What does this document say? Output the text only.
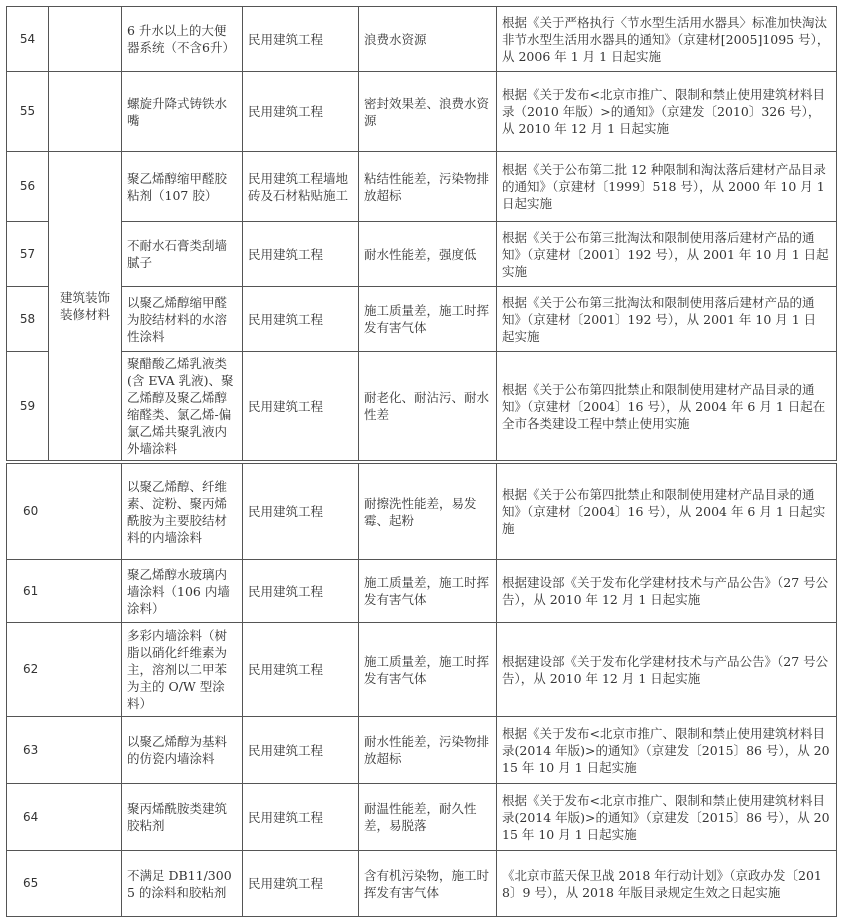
54		6 升水以上的大便器系统（不含6升）	民用建筑工程	浪费水资源	根据《关于严格执行〈节水型生活用水器具〉标准加快淘汰非节水型生活用水器具的通知》（京建材[2005]1095 号），从 2006 年 1 月 1 日起实施
55		螺旋升降式铸铁水嘴	民用建筑工程	密封效果差、浪费水资源	根据《关于发布<北京市推广、限制和禁止使用建筑材料目录（2010 年版）>的通知》（京建发〔2010〕326 号），从 2010 年 12 月 1 日起实施
56	建筑装饰装修材料	聚乙烯醇缩甲醛胶粘剂（107 胶）	民用建筑工程墙地砖及石材粘贴施工	粘结性能差，污染物排放超标	根据《关于公布第二批 12 种限制和淘汰落后建材产品目录的通知》（京建材〔1999〕518 号），从 2000 年 10 月 1 日起实施
57		不耐水石膏类刮墙腻子	民用建筑工程	耐水性能差，强度低	根据《关于公布第三批淘汰和限制使用落后建材产品的通知》（京建材〔2001〕192 号），从 2001 年 10 月 1 日起实施
58		以聚乙烯醇缩甲醛为胶结材料的水溶性涂料	民用建筑工程	施工质量差，施工时挥发有害气体	根据《关于公布第三批淘汰和限制使用落后建材产品的通知》（京建材〔2001〕192 号），从 2001 年 10 月 1 日 起实施
59		聚醋酸乙烯乳液类(含 EVA 乳液)、聚乙烯醇及聚乙烯醇缩醛类、氯乙烯-偏氯乙烯共聚乳液内外墙涂料	民用建筑工程	耐老化、耐沾污、耐水性差	根据《关于公布第四批禁止和限制使用建材产品目录的通知》（京建材〔2004〕16 号），从 2004 年 6 月 1 日起在全市各类建设工程中禁止使用实施
60	以聚乙烯醇、纤维素、淀粉、聚丙烯酰胺为主要胶结材料的内墙涂料	民用建筑工程	耐擦洗性能差，易发霉、起粉	根据《关于公布第四批禁止和限制使用建材产品目录的通知》（京建材〔2004〕16 号），从 2004 年 6 月 1 日起实施
61	聚乙烯醇水玻璃内墙涂料（106 内墙涂料）	民用建筑工程	施工质量差，施工时挥发有害气体	根据建设部《关于发布化学建材技术与产品公告》（27 号公告），从 2010 年 12 月 1 日起实施
62	多彩内墙涂料（树脂以硝化纤维素为主，溶剂以二甲苯为主的 O/W 型涂料）	民用建筑工程	施工质量差，施工时挥发有害气体	根据建设部《关于发布化学建材技术与产品公告》（27 号公告），从 2010 年 12 月 1 日起实施
63	以聚乙烯醇为基料的仿瓷内墙涂料	民用建筑工程	耐水性能差，污染物排放超标	根据《关于发布<北京市推广、限制和禁止使用建筑材料目录(2014 年版)>的通知》（京建发〔2015〕86 号），从 2015 年 10 月 1 日起实施
64	聚丙烯酰胺类建筑胶粘剂	民用建筑工程	耐温性能差，耐久性差，易脱落	根据《关于发布<北京市推广、限制和禁止使用建筑材料目录(2014 年版)>的通知》（京建发〔2015〕86 号），从 2015 年 10 月 1 日起实施
65	不满足 DB11/3005 的涂料和胶粘剂	民用建筑工程	含有机污染物，施工时挥发有害气体	《北京市蓝天保卫战 2018 年行动计划》（京政办发〔2018〕9 号），从 2018 年版目录规定生效之日起实施
